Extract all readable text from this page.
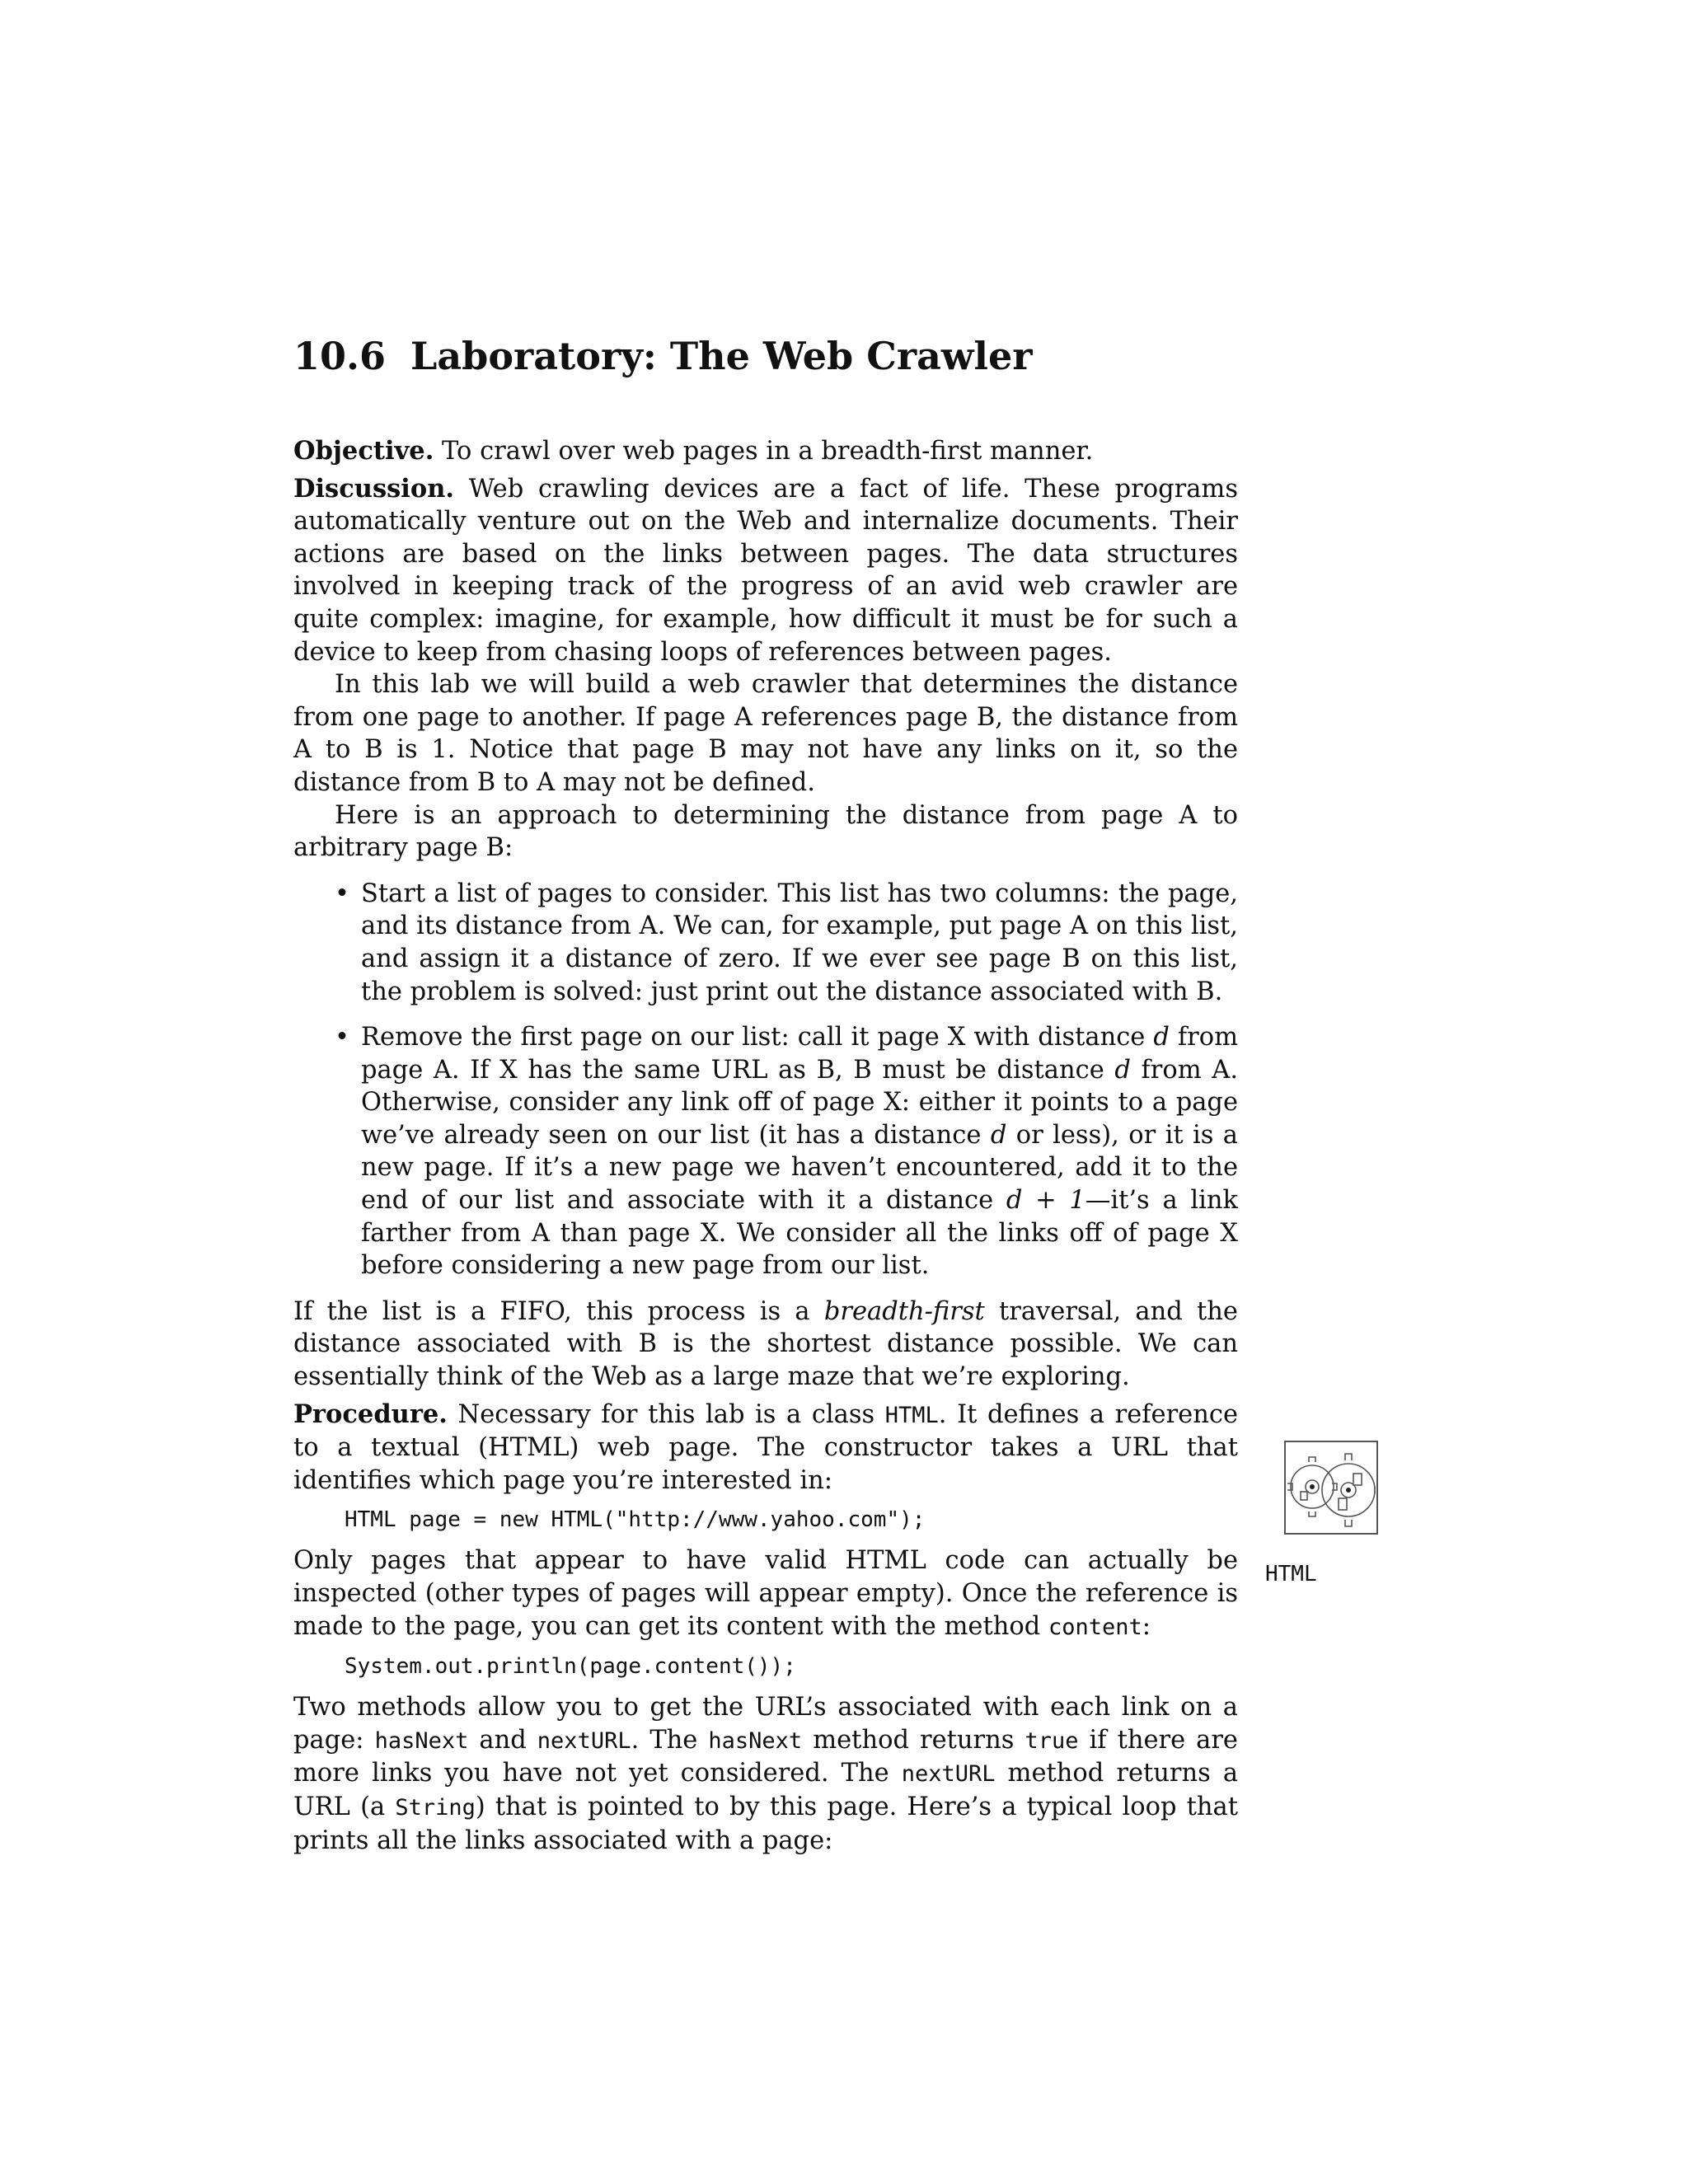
10.6 Laboratory: The Web Crawler

Objective. To crawl over web pages in a breadth-first manner.

Discussion. Web crawling devices are a fact of life. These programs automatically venture out on the Web and internalize documents. Their actions are based on the links between pages. The data structures involved in keeping track of the progress of an avid web crawler are quite complex: imagine, for example, how difficult it must be for such a device to keep from chasing loops of references between pages.

In this lab we will build a web crawler that determines the distance from one page to another. If page A references page B, the distance from A to B is 1. Notice that page B may not have any links on it, so the distance from B to A may not be defined.

Here is an approach to determining the distance from page A to arbitrary page B:

• Start a list of pages to consider. This list has two columns: the page, and its distance from A. We can, for example, put page A on this list, and assign it a distance of zero. If we ever see page B on this list, the problem is solved: just print out the distance associated with B.

• Remove the first page on our list: call it page X with distance d from page A. If X has the same URL as B, B must be distance d from A. Otherwise, consider any link off of page X: either it points to a page we’ve already seen on our list (it has a distance d or less), or it is a new page. If it’s a new page we haven’t encountered, add it to the end of our list and associate with it a distance d + 1—it’s a link farther from A than page X. We consider all the links off of page X before considering a new page from our list.

If the list is a FIFO, this process is a breadth-first traversal, and the distance associated with B is the shortest distance possible. We can essentially think of the Web as a large maze that we’re exploring.

Procedure. Necessary for this lab is a class HTML. It defines a reference to a textual (HTML) web page. The constructor takes a URL that identifies which page you’re interested in:

HTML page = new HTML("http://www.yahoo.com");

Only pages that appear to have valid HTML code can actually be inspected (other types of pages will appear empty). Once the reference is made to the page, you can get its content with the method content:

System.out.println(page.content());

Two methods allow you to get the URL’s associated with each link on a page: hasNext and nextURL. The hasNext method returns true if there are more links you have not yet considered. The nextURL method returns a URL (a String) that is pointed to by this page. Here’s a typical loop that prints all the links associated with a page:

HTML
